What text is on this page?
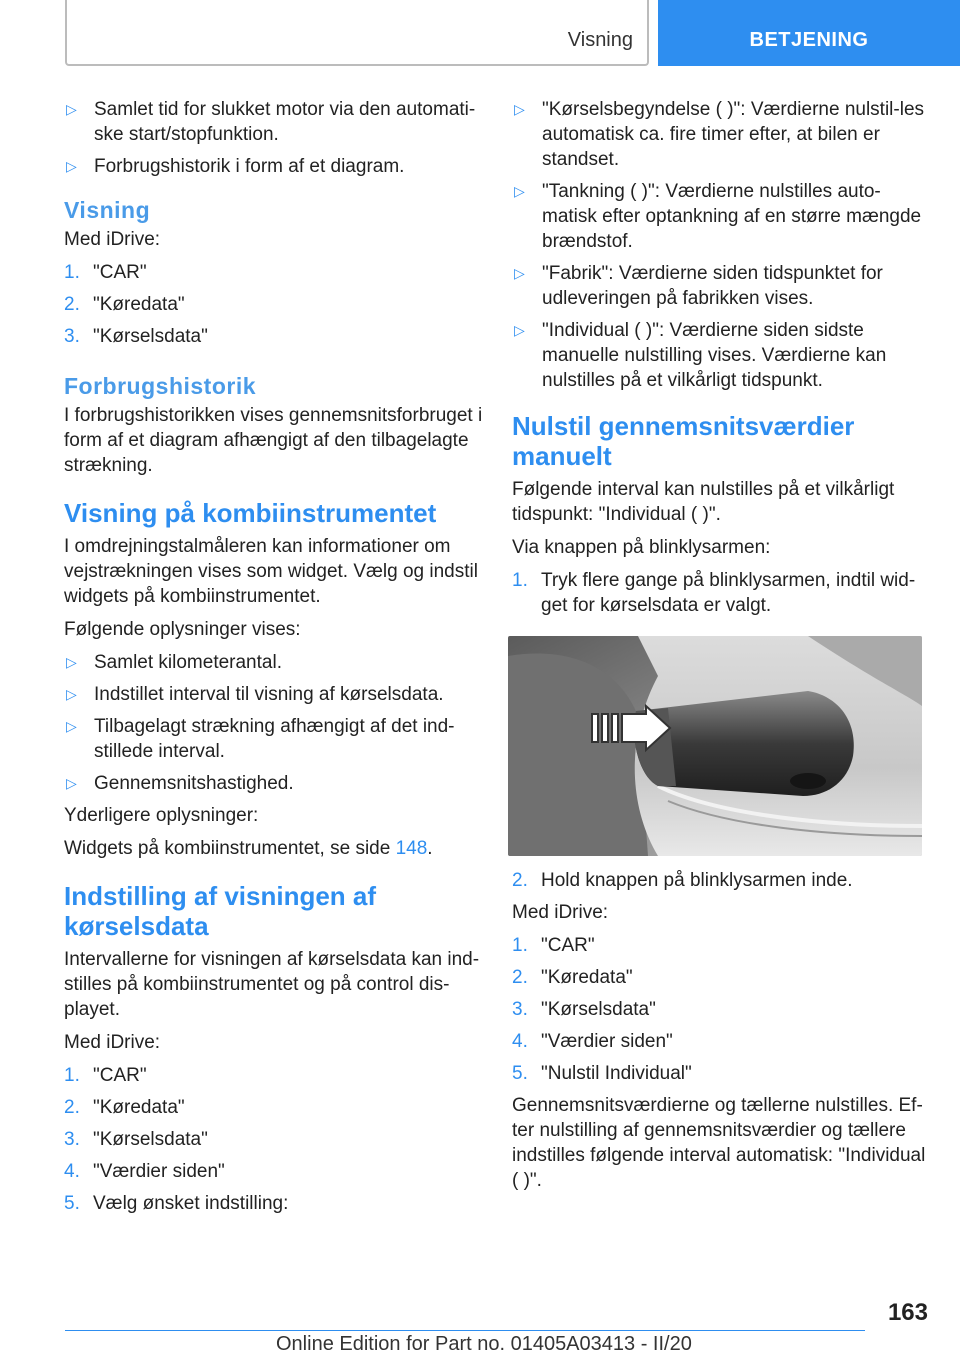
Visning	BETJENING
▷ Samlet tid for slukket motor via den automati-ske start/stopfunktion.
▷ Forbrugshistorik i form af et diagram.
Visning

Med iDrive:

1. "CAR"
2. "Køredata"
3. "Kørselsdata"
Forbrugshistorik

I forbrugshistorikken vises gennemsnitsforbruget i form af et diagram afhængigt af den tilbagelagte strækning.

Visning på kombiinstrumentet

I omdrejningstalmåleren kan informationer om vejstrækningen vises som widget. Vælg og indstil widgets på kombiinstrumentet.

Følgende oplysninger vises:

▷ Samlet kilometerantal.
▷ Indstillet interval til visning af kørselsdata.
▷ Tilbagelagt strækning afhængigt af det ind-stillede interval.
▷ Gennemsnitshastighed.

Yderligere oplysninger:

Widgets på kombiinstrumentet, se side 148.

Indstilling af visningen af kørselsdata

Intervallerne for visningen af kørselsdata kan ind-stilles på kombiinstrumentet og på control dis-playet.

Med iDrive:

1. "CAR"
2. "Køredata"
3. "Kørselsdata"
4. "Værdier siden"
5. Vælg ønsket indstilling:
▷ "Kørselsbegyndelse ( )": Værdierne nulstil-les automatisk ca. fire timer efter, at bilen er standset.
▷ "Tankning ( )": Værdierne nulstilles auto-matisk efter optankning af en større mængde brændstof.
▷ "Fabrik": Værdierne siden tidspunktet for udleveringen på fabrikken vises.
▷ "Individual ( )": Værdierne siden sidste manuelle nulstilling vises. Værdierne kan nulstilles på et vilkårligt tidspunkt.
Nulstil gennemsnitsværdier manuelt

Følgende interval kan nulstilles på et vilkårligt tidspunkt: "Individual ( )".

Via knappen på blinklysarmen:

1. Tryk flere gange på blinklysarmen, indtil wid-get for kørselsdata er valgt.
2. Hold knappen på blinklysarmen inde.

Med iDrive:

1. "CAR"
2. "Køredata"
3. "Kørselsdata"
4. "Værdier siden"
5. "Nulstil Individual"

Gennemsnitsværdierne og tællerne nulstilles. Ef-ter nulstilling af gennemsnitsværdier og tællere indstilles følgende interval automatisk: "Individual ( )".

163
Online Edition for Part no. 01405A03413 - II/20
